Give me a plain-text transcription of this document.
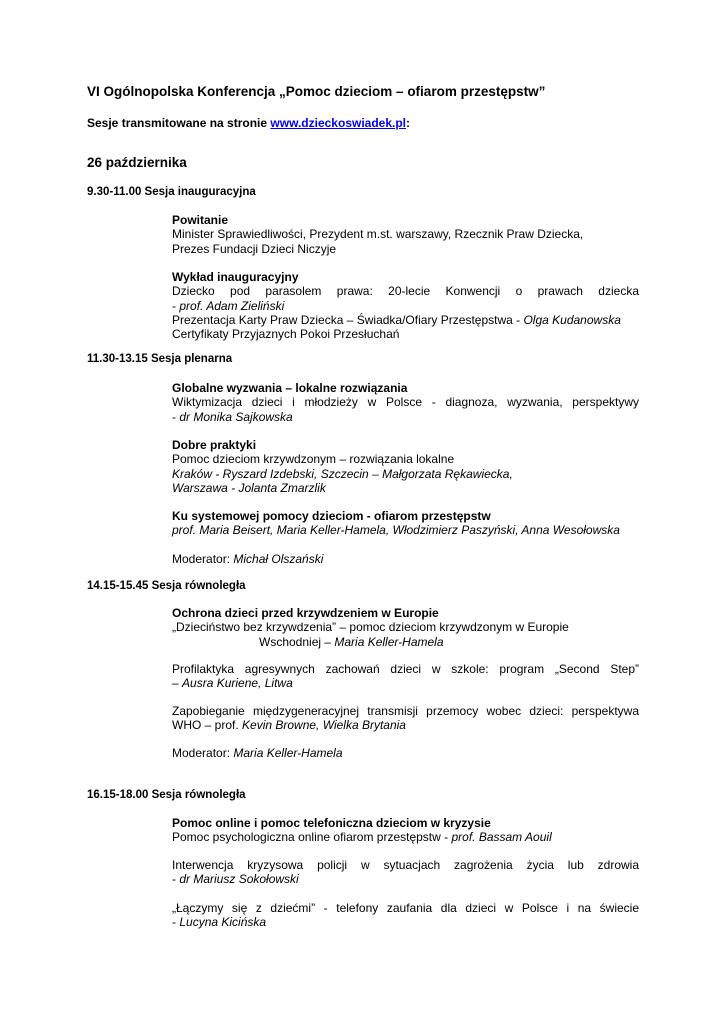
VI Ogólnopolska Konferencja „Pomoc dzieciom – ofiarom przestępstw”
Sesje transmitowane na stronie www.dzieckoswiadek.pl:
26 października
9.30-11.00 Sesja inauguracyjna
Powitanie
Minister Sprawiedliwości, Prezydent m.st. warszawy, Rzecznik Praw Dziecka,
Prezes Fundacji Dzieci Niczyje
Wykład inauguracyjny
Dziecko pod parasolem prawa: 20-lecie Konwencji o prawach dziecka
- prof. Adam Zieliński
Prezentacja Karty Praw Dziecka – Świadka/Ofiary Przestępstwa - Olga Kudanowska
Certyfikaty Przyjaznych Pokoi Przesłuchań
11.30-13.15 Sesja plenarna
Globalne wyzwania – lokalne rozwiązania
Wiktymizacja dzieci i młodzieży w Polsce - diagnoza, wyzwania, perspektywy
- dr Monika Sajkowska
Dobre praktyki
Pomoc dzieciom krzywdzonym – rozwiązania lokalne
Kraków - Ryszard Izdebski, Szczecin – Małgorzata Rękawiecka,
Warszawa - Jolanta Zmarzlik
Ku systemowej pomocy dzieciom - ofiarom przestępstw
prof. Maria Beisert, Maria Keller-Hamela, Włodzimierz Paszyński, Anna Wesołowska
Moderator: Michał Olszański
14.15-15.45 Sesja równoległa
Ochrona dzieci przed krzywdzeniem w Europie
„Dzieciństwo bez krzywdzenia” – pomoc dzieciom krzywdzonym w Europie
Wschodniej – Maria Keller-Hamela
Profilaktyka agresywnych zachowań dzieci w szkole: program „Second Step”
– Ausra Kuriene, Litwa
Zapobieganie międzygeneracyjnej transmisji przemocy wobec dzieci: perspektywa
WHO – prof. Kevin Browne, Wielka Brytania
Moderator: Maria Keller-Hamela
16.15-18.00 Sesja równoległa
Pomoc online i pomoc telefoniczna dzieciom w kryzysie
Pomoc psychologiczna online ofiarom przestępstw - prof. Bassam Aouil
Interwencja kryzysowa policji w sytuacjach zagrożenia życia lub zdrowia
- dr Mariusz Sokołowski
„Łączymy się z dziećmi” - telefony zaufania dla dzieci w Polsce i na świecie
- Lucyna Kicińska
